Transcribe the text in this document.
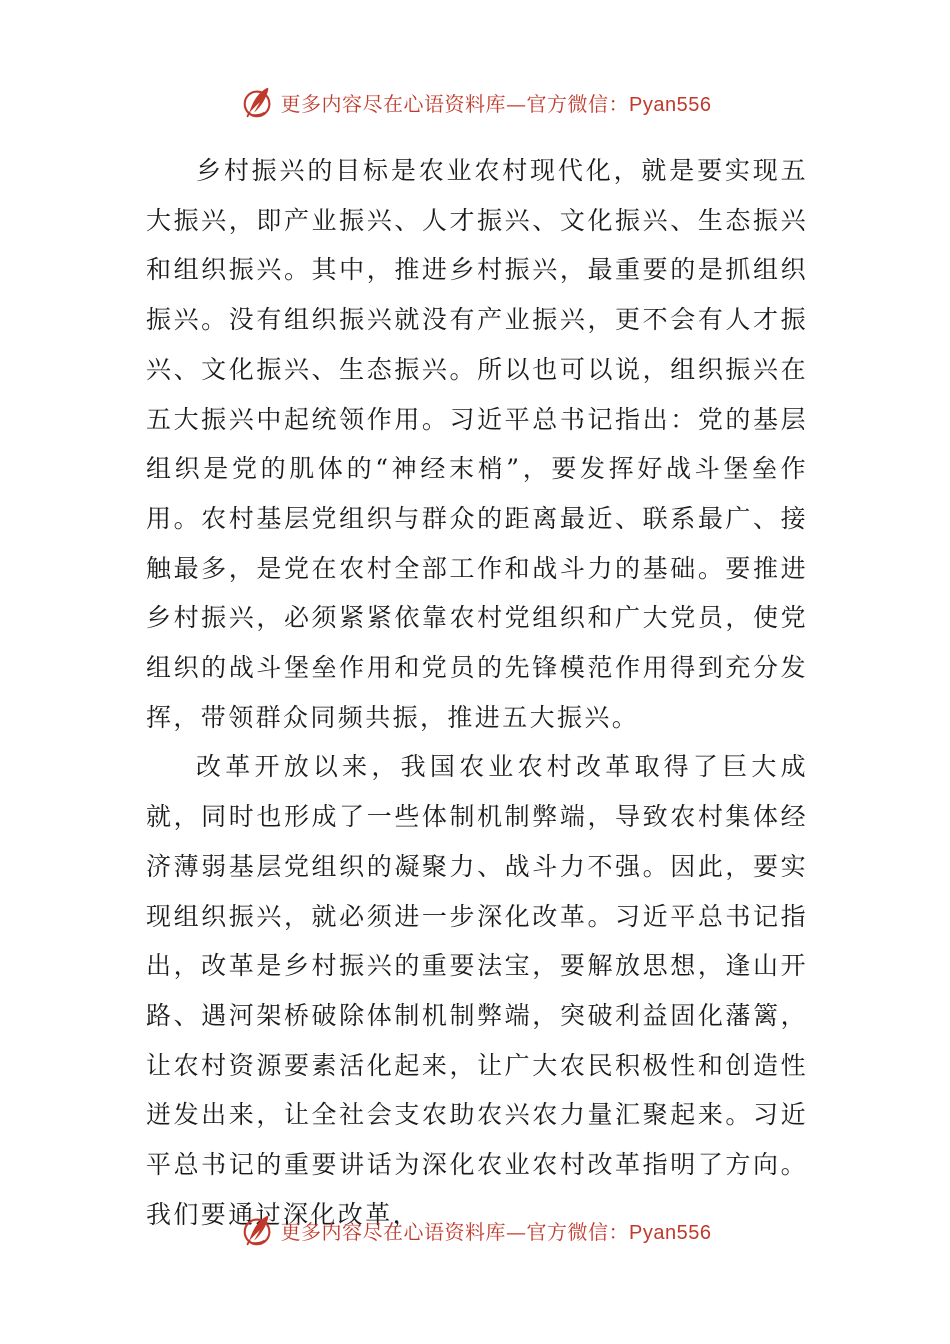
更多内容尽在心语资料库—官方微信：Pyan556

乡村振兴的目标是农业农村现代化，就是要实现五大振兴，即产业振兴、人才振兴、文化振兴、生态振兴和组织振兴。其中，推进乡村振兴，最重要的是抓组织振兴。没有组织振兴就没有产业振兴，更不会有人才振兴、文化振兴、生态振兴。所以也可以说，组织振兴在五大振兴中起统领作用。习近平总书记指出：党的基层组织是党的肌体的“神经末梢”，要发挥好战斗堡垒作用。农村基层党组织与群众的距离最近、联系最广、接触最多，是党在农村全部工作和战斗力的基础。要推进乡村振兴，必须紧紧依靠农村党组织和广大党员，使党组织的战斗堡垒作用和党员的先锋模范作用得到充分发挥，带领群众同频共振，推进五大振兴。

改革开放以来，我国农业农村改革取得了巨大成就，同时也形成了一些体制机制弊端，导致农村集体经济薄弱基层党组织的凝聚力、战斗力不强。因此，要实现组织振兴，就必须进一步深化改革。习近平总书记指出，改革是乡村振兴的重要法宝，要解放思想，逢山开路、遇河架桥破除体制机制弊端，突破利益固化藩篱，让农村资源要素活化起来，让广大农民积极性和创造性迸发出来，让全社会支农助农兴农力量汇聚起来。习近平总书记的重要讲话为深化农业农村改革指明了方向。我们要通过深化改革，

更多内容尽在心语资料库—官方微信：Pyan556
